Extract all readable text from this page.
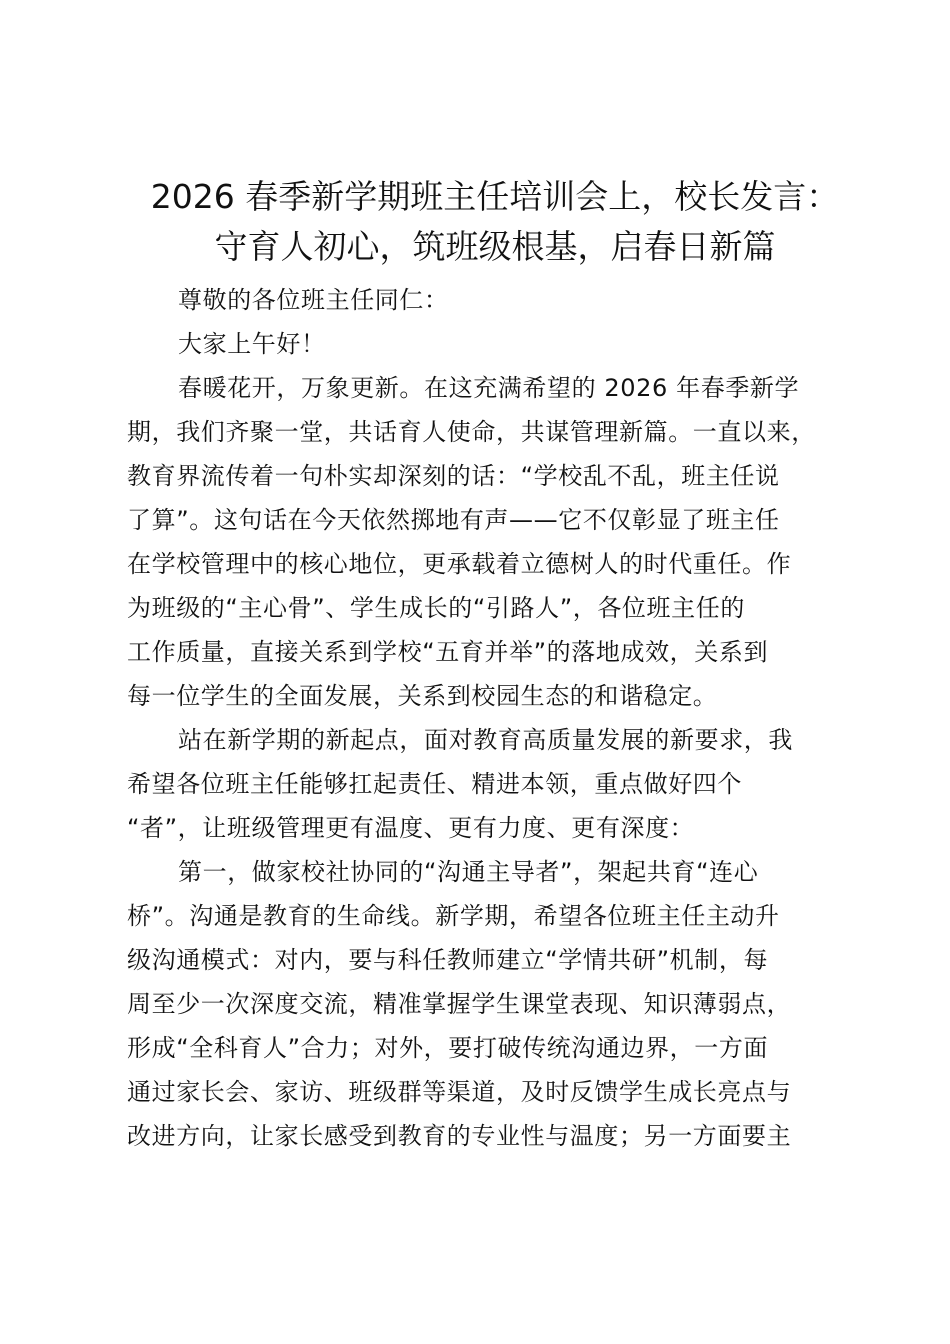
2026 春季新学期班主任培训会上，校长发言：
守育人初心，筑班级根基，启春日新篇
尊敬的各位班主任同仁：
大家上午好！
春暖花开，万象更新。在这充满希望的 2026 年春季新学
期，我们齐聚一堂，共话育人使命，共谋管理新篇。一直以来，
教育界流传着一句朴实却深刻的话：“学校乱不乱，班主任说
了算”。这句话在今天依然掷地有声——它不仅彰显了班主任
在学校管理中的核心地位，更承载着立德树人的时代重任。作
为班级的“主心骨”、学生成长的“引路人”，各位班主任的
工作质量，直接关系到学校“五育并举”的落地成效，关系到
每一位学生的全面发展，关系到校园生态的和谐稳定。
站在新学期的新起点，面对教育高质量发展的新要求，我
希望各位班主任能够扛起责任、精进本领，重点做好四个
“者”，让班级管理更有温度、更有力度、更有深度：
第一，做家校社协同的“沟通主导者”，架起共育“连心
桥”。沟通是教育的生命线。新学期，希望各位班主任主动升
级沟通模式：对内，要与科任教师建立“学情共研”机制，每
周至少一次深度交流，精准掌握学生课堂表现、知识薄弱点，
形成“全科育人”合力；对外，要打破传统沟通边界，一方面
通过家长会、家访、班级群等渠道，及时反馈学生成长亮点与
改进方向，让家长感受到教育的专业性与温度；另一方面要主
